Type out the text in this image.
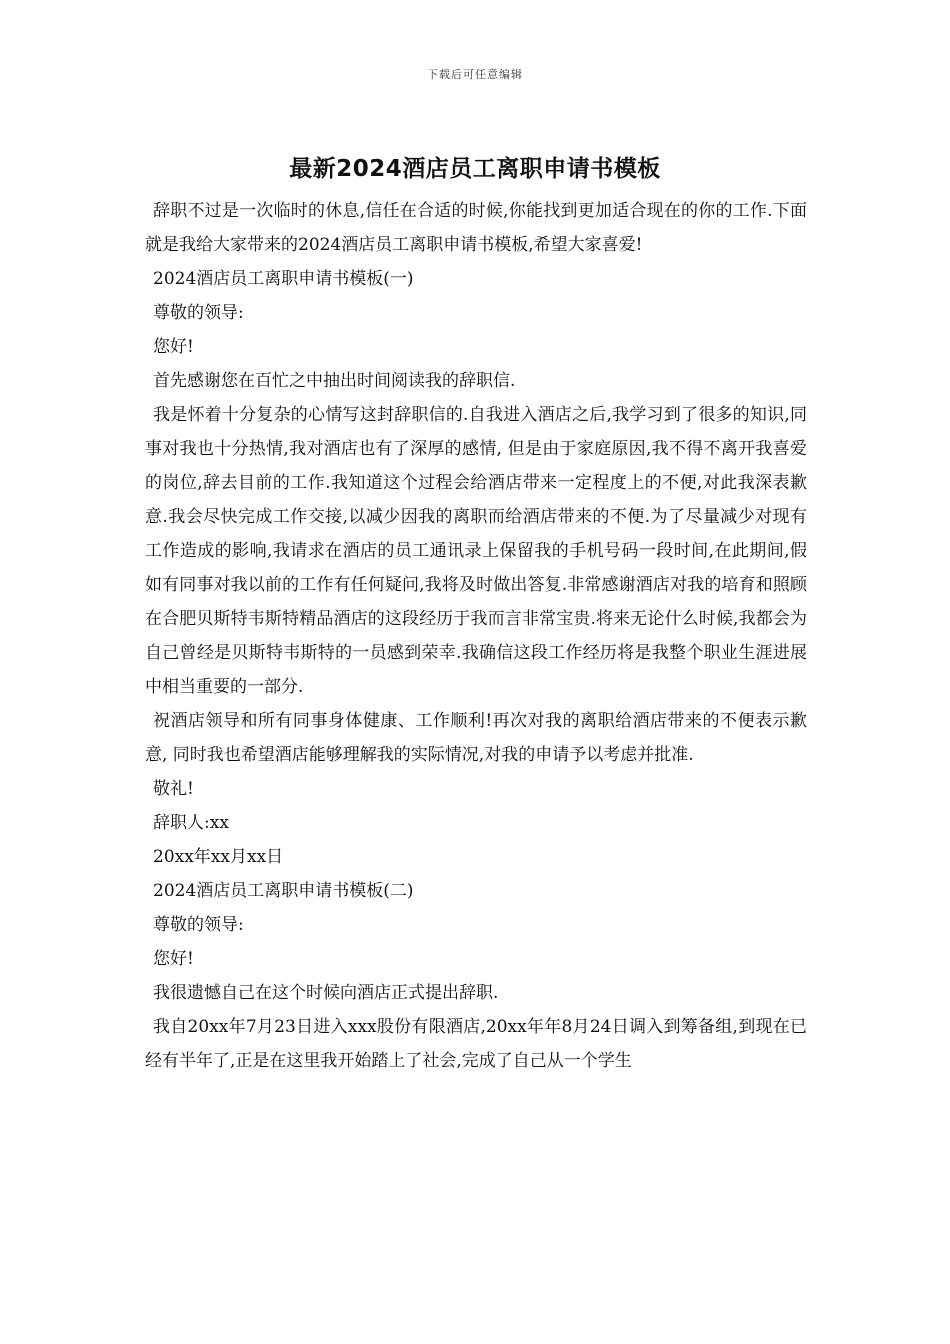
下载后可任意编辑
最新2024酒店员工离职申请书模板

辞职不过是一次临时的休息,信任在合适的时候,你能找到更加适合现在的你的工作.下面就是我给大家带来的2024酒店员工离职申请书模板,希望大家喜爱!

2024酒店员工离职申请书模板(一)

尊敬的领导:

您好!

首先感谢您在百忙之中抽出时间阅读我的辞职信.

我是怀着十分复杂的心情写这封辞职信的.自我进入酒店之后,我学习到了很多的知识,同事对我也十分热情,我对酒店也有了深厚的感情, 但是由于家庭原因,我不得不离开我喜爱的岗位,辞去目前的工作.我知道这个过程会给酒店带来一定程度上的不便,对此我深表歉意.我会尽快完成工作交接,以减少因我的离职而给酒店带来的不便.为了尽量减少对现有工作造成的影响,我请求在酒店的员工通讯录上保留我的手机号码一段时间,在此期间,假如有同事对我以前的工作有任何疑问,我将及时做出答复.非常感谢酒店对我的培育和照顾在合肥贝斯特韦斯特精品酒店的这段经历于我而言非常宝贵.将来无论什么时候,我都会为自己曾经是贝斯特韦斯特的一员感到荣幸.我确信这段工作经历将是我整个职业生涯进展中相当重要的一部分.

祝酒店领导和所有同事身体健康、工作顺利!再次对我的离职给酒店带来的不便表示歉意, 同时我也希望酒店能够理解我的实际情况,对我的申请予以考虑并批准.

敬礼!

辞职人:xx

20xx年xx月xx日

2024酒店员工离职申请书模板(二)

尊敬的领导:

您好!

我很遗憾自己在这个时候向酒店正式提出辞职.

我自20xx年7月23日进入xxx股份有限酒店,20xx年年8月24日调入到筹备组,到现在已经有半年了,正是在这里我开始踏上了社会,完成了自己从一个学生
